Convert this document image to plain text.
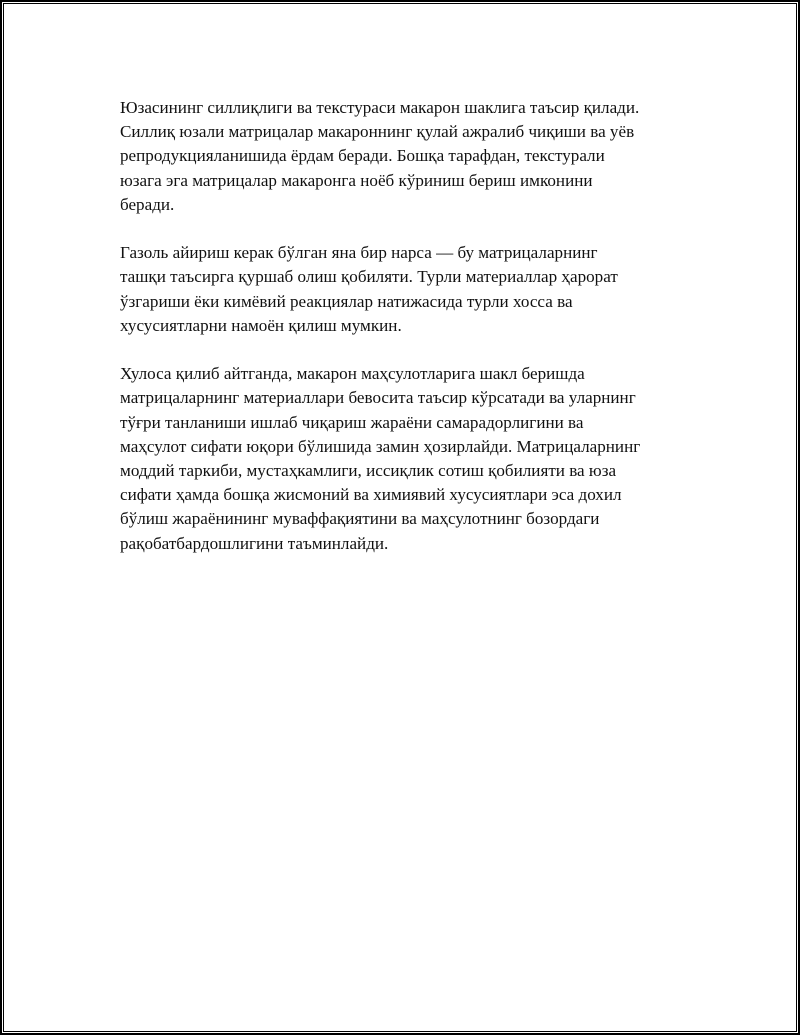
Юзасининг силлиқлиги ва текстураси макарон шаклига таъсир қилади.
Силлиқ юзали матрицалар макароннинг қулай ажралиб чиқиши ва уёв
репродукцияланишида ёрдам беради. Бошқа тарафдан, текстурали
юзага эга матрицалар макаронга ноёб кўриниш бериш имконини
беради.

Газоль айириш керак бўлган яна бир нарса — бу матрицаларнинг
ташқи таъсирга қуршаб олиш қобиляти. Турли материаллар ҳарорат
ўзгариши ёки кимёвий реакциялар натижасида турли хосса ва
хусусиятларни намоён қилиш мумкин.

Хулоса қилиб айтганда, макарон маҳсулотларига шакл беришда
матрицаларнинг материаллари бевосита таъсир кўрсатади ва уларнинг
тўғри танланиши ишлаб чиқариш жараёни самарадорлигини ва
маҳсулот сифати юқори бўлишида замин ҳозирлайди. Матрицаларнинг
моддий таркиби, мустаҳкамлиги, иссиқлик сотиш қобилияти ва юза
сифати ҳамда бошқа жисмоний ва химиявий хусусиятлари эса дохил
бўлиш жараёнининг муваффақиятини ва маҳсулотнинг бозордаги
рақобатбардошлигини таъминлайди.
